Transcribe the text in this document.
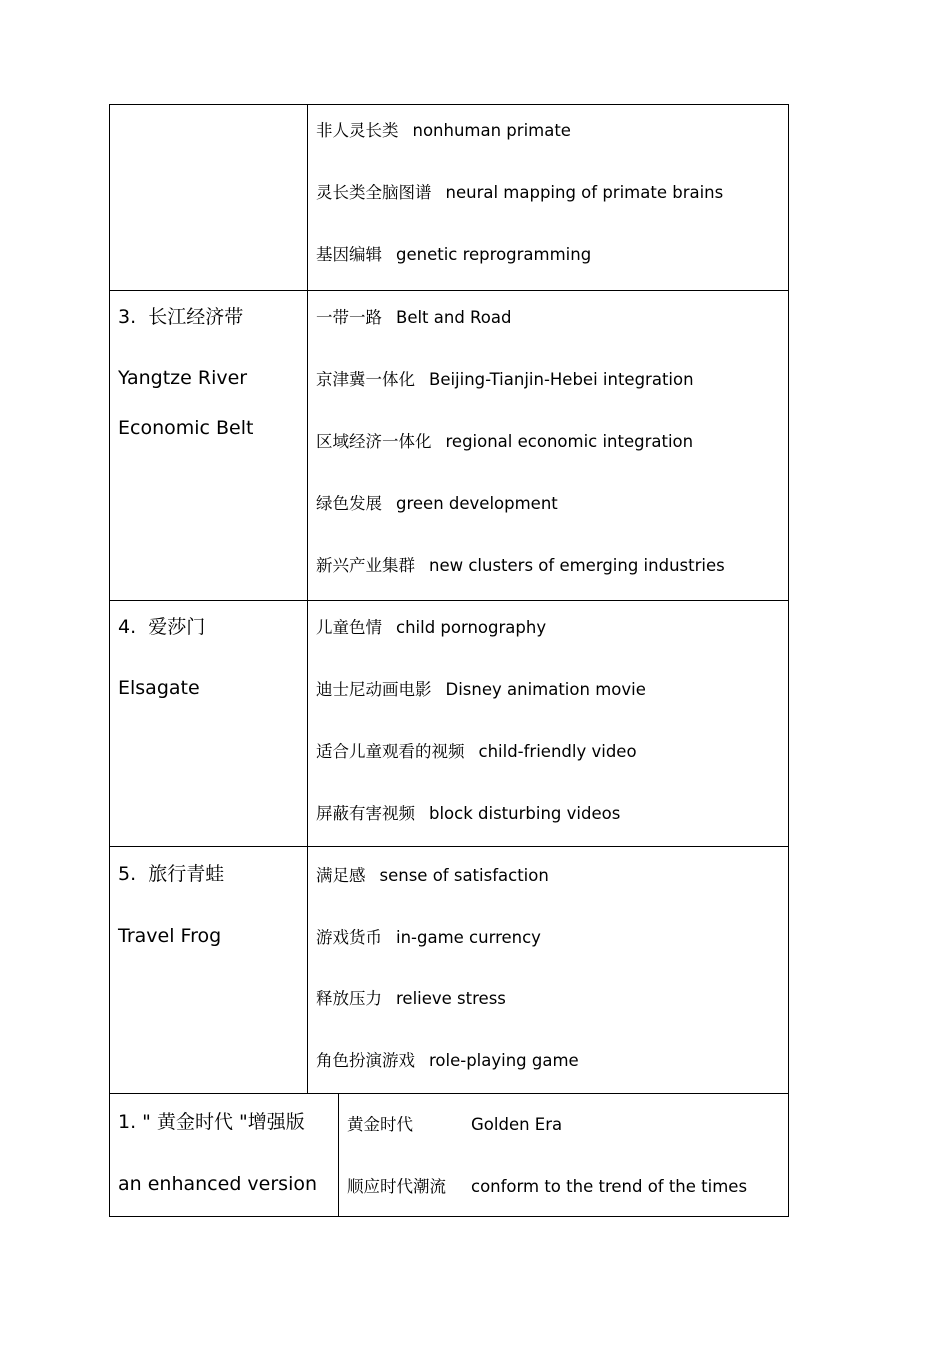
非人灵长类 nonhuman primate
灵长类全脑图谱 neural mapping of primate brains
基因编辑 genetic reprogramming
3.  长江经济带
Yangtze River
Economic Belt
一带一路 Belt and Road
京津冀一体化 Beijing-Tianjin-Hebei integration
区域经济一体化 regional economic integration
绿色发展 green development
新兴产业集群 new clusters of emerging industries
4.  爱莎门
Elsagate
儿童色情 child pornography
迪士尼动画电影 Disney animation movie
适合儿童观看的视频 child-friendly video
屏蔽有害视频 block disturbing videos
5.  旅行青蛙
Travel Frog
满足感 sense of satisfaction
游戏货币 in-game currency
释放压力 relieve stress
角色扮演游戏 role-playing game
1. " 黄金时代 "增强版
an enhanced version
黄金时代	Golden Era
顺应时代潮流 conform to the trend of the times
